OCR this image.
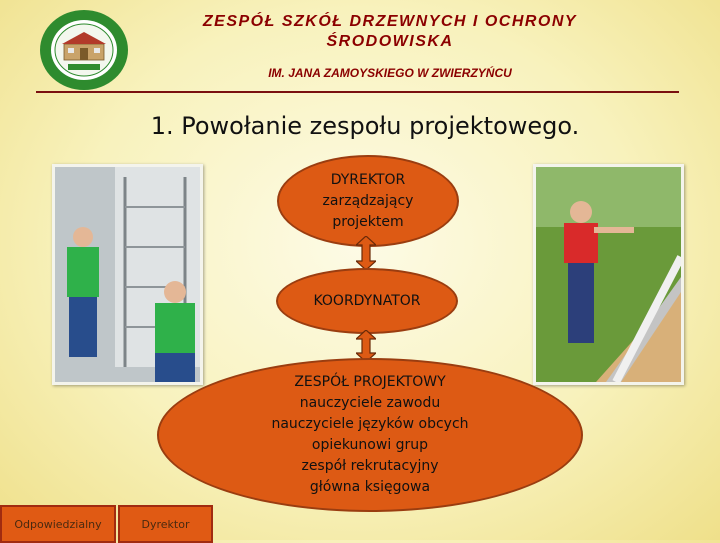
ZESPÓŁ SZKÓŁ DRZEWNYCH I OCHRONY
ŚRODOWISKA
IM. JANA ZAMOYSKIEGO W ZWIERZYŃCU
1. Powołanie zespołu projektowego.
DYREKTOR
zarządzający
projektem
KOORDYNATOR
ZESPÓŁ PROJEKTOWY
nauczyciele zawodu
nauczyciele języków obcych
opiekunowi grup
zespół rekrutacyjny
główna księgowa
Odpowiedzialny	Dyrektor
